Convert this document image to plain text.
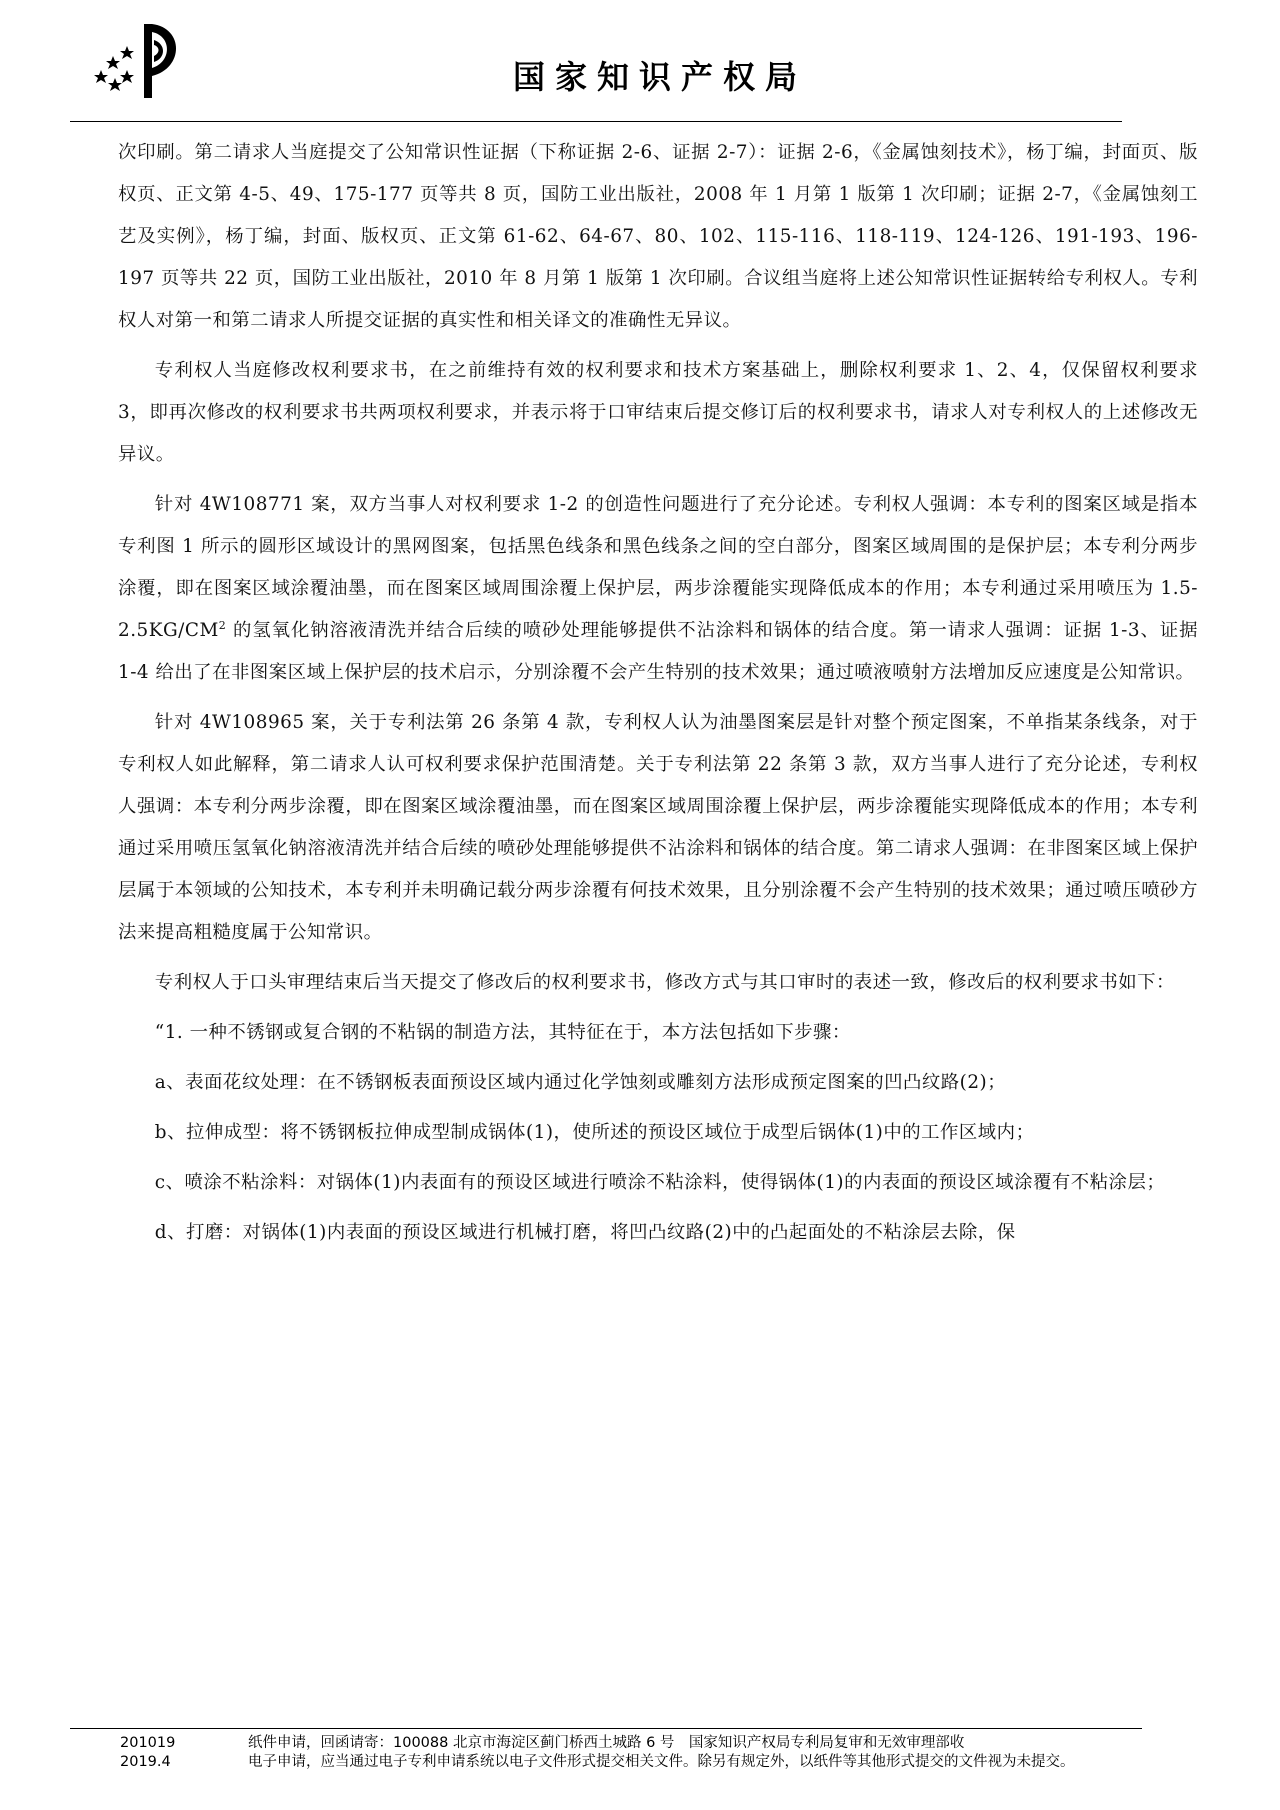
国家知识产权局

次印刷。第二请求人当庭提交了公知常识性证据（下称证据 2-6、证据 2-7）：证据 2-6，《金属蚀刻技术》，杨丁编，封面页、版权页、正文第 4-5、49、175-177 页等共 8 页，国防工业出版社，2008 年 1 月第 1 版第 1 次印刷；证据 2-7，《金属蚀刻工艺及实例》，杨丁编，封面、版权页、正文第 61-62、64-67、80、102、115-116、118-119、124-126、191-193、196-197 页等共 22 页，国防工业出版社，2010 年 8 月第 1 版第 1 次印刷。合议组当庭将上述公知常识性证据转给专利权人。专利权人对第一和第二请求人所提交证据的真实性和相关译文的准确性无异议。

专利权人当庭修改权利要求书，在之前维持有效的权利要求和技术方案基础上，删除权利要求 1、2、4，仅保留权利要求 3，即再次修改的权利要求书共两项权利要求，并表示将于口审结束后提交修订后的权利要求书，请求人对专利权人的上述修改无异议。

针对 4W108771 案，双方当事人对权利要求 1-2 的创造性问题进行了充分论述。专利权人强调：本专利的图案区域是指本专利图 1 所示的圆形区域设计的黑网图案，包括黑色线条和黑色线条之间的空白部分，图案区域周围的是保护层；本专利分两步涂覆，即在图案区域涂覆油墨，而在图案区域周围涂覆上保护层，两步涂覆能实现降低成本的作用；本专利通过采用喷压为 $1.5-2.5KG/CM^2$ 的氢氧化钠溶液清洗并结合后续的喷砂处理能够提供不沾涂料和锅体的结合度。第一请求人强调：证据 1-3、证据 1-4 给出了在非图案区域上保护层的技术启示，分别涂覆不会产生特别的技术效果；通过喷液喷射方法增加反应速度是公知常识。

针对 4W108965 案，关于专利法第 26 条第 4 款，专利权人认为油墨图案层是针对整个预定图案，不单指某条线条，对于专利权人如此解释，第二请求人认可权利要求保护范围清楚。关于专利法第 22 条第 3 款，双方当事人进行了充分论述，专利权人强调：本专利分两步涂覆，即在图案区域涂覆油墨，而在图案区域周围涂覆上保护层，两步涂覆能实现降低成本的作用；本专利通过采用喷压氢氧化钠溶液清洗并结合后续的喷砂处理能够提供不沾涂料和锅体的结合度。第二请求人强调：在非图案区域上保护层属于本领域的公知技术，本专利并未明确记载分两步涂覆有何技术效果，且分别涂覆不会产生特别的技术效果；通过喷压喷砂方法来提高粗糙度属于公知常识。

专利权人于口头审理结束后当天提交了修改后的权利要求书，修改方式与其口审时的表述一致，修改后的权利要求书如下：

“1. 一种不锈钢或复合钢的不粘锅的制造方法，其特征在于，本方法包括如下步骤：

a、表面花纹处理：在不锈钢板表面预设区域内通过化学蚀刻或雕刻方法形成预定图案的凹凸纹路(2)；

b、拉伸成型：将不锈钢板拉伸成型制成锅体(1)，使所述的预设区域位于成型后锅体(1)中的工作区域内；

c、喷涂不粘涂料：对锅体(1)内表面有的预设区域进行喷涂不粘涂料，使得锅体(1)的内表面的预设区域涂覆有不粘涂层；

d、打磨：对锅体(1)内表面的预设区域进行机械打磨，将凹凸纹路(2)中的凸起面处的不粘涂层去除，保

201019	纸件申请，回函请寄：100088 北京市海淀区蓟门桥西土城路 6 号　国家知识产权局专利局复审和无效审理部收
2019.4	电子申请，应当通过电子专利申请系统以电子文件形式提交相关文件。除另有规定外，以纸件等其他形式提交的文件视为未提交。
